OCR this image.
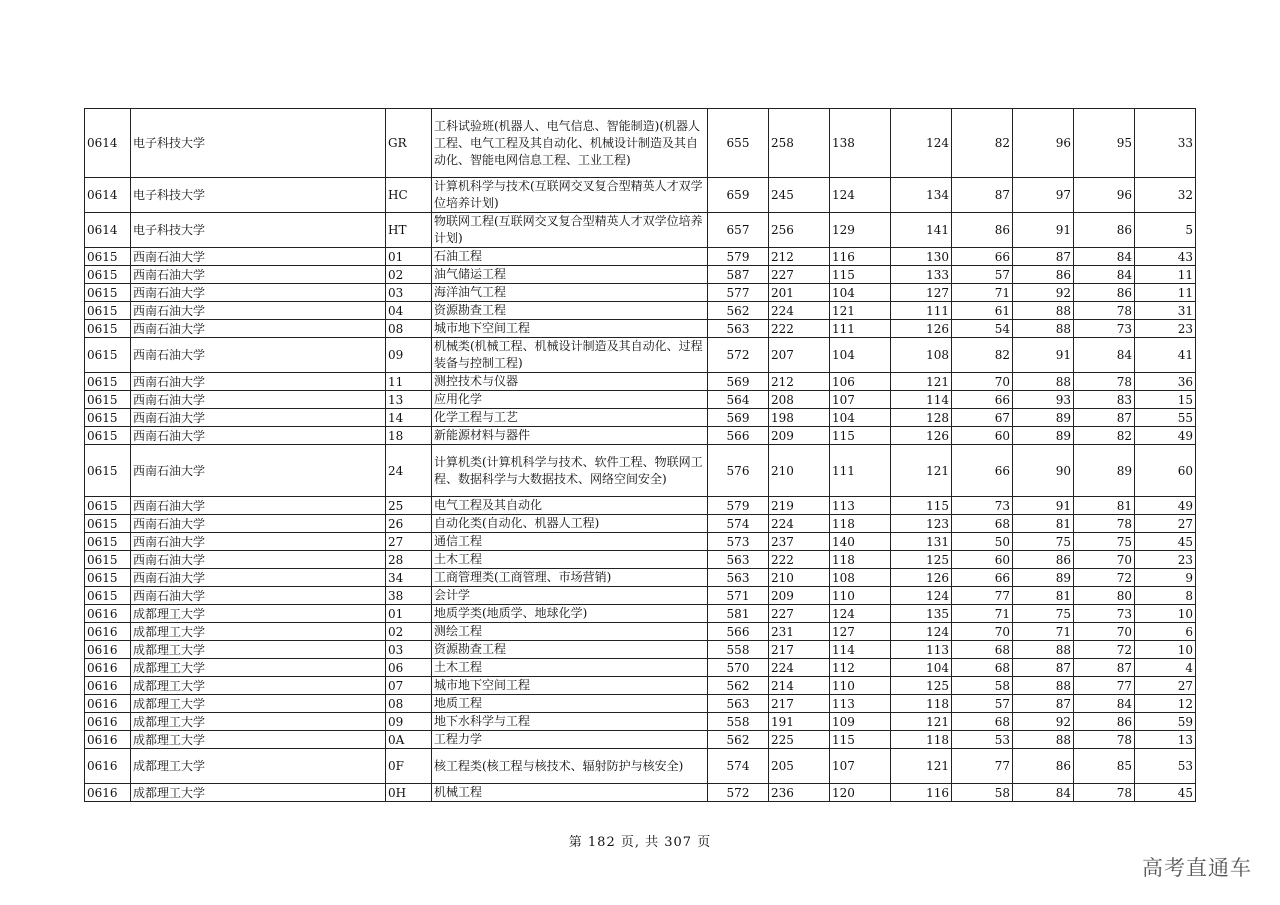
0614	电子科技大学	GR	工科试验班(机器人、电气信息、智能制造)(机器人工程、电气工程及其自动化、机械设计制造及其自动化、智能电网信息工程、工业工程)	655	258	138	124	82	96	95	33
0614	电子科技大学	HC	计算机科学与技术(互联网交叉复合型精英人才双学位培养计划)	659	245	124	134	87	97	96	32
0614	电子科技大学	HT	物联网工程(互联网交叉复合型精英人才双学位培养计划)	657	256	129	141	86	91	86	5
0615	西南石油大学	01	石油工程	579	212	116	130	66	87	84	43
0615	西南石油大学	02	油气储运工程	587	227	115	133	57	86	84	11
0615	西南石油大学	03	海洋油气工程	577	201	104	127	71	92	86	11
0615	西南石油大学	04	资源勘查工程	562	224	121	111	61	88	78	31
0615	西南石油大学	08	城市地下空间工程	563	222	111	126	54	88	73	23
0615	西南石油大学	09	机械类(机械工程、机械设计制造及其自动化、过程装备与控制工程)	572	207	104	108	82	91	84	41
0615	西南石油大学	11	测控技术与仪器	569	212	106	121	70	88	78	36
0615	西南石油大学	13	应用化学	564	208	107	114	66	93	83	15
0615	西南石油大学	14	化学工程与工艺	569	198	104	128	67	89	87	55
0615	西南石油大学	18	新能源材料与器件	566	209	115	126	60	89	82	49
0615	西南石油大学	24	计算机类(计算机科学与技术、软件工程、物联网工程、数据科学与大数据技术、网络空间安全)	576	210	111	121	66	90	89	60
0615	西南石油大学	25	电气工程及其自动化	579	219	113	115	73	91	81	49
0615	西南石油大学	26	自动化类(自动化、机器人工程)	574	224	118	123	68	81	78	27
0615	西南石油大学	27	通信工程	573	237	140	131	50	75	75	45
0615	西南石油大学	28	土木工程	563	222	118	125	60	86	70	23
0615	西南石油大学	34	工商管理类(工商管理、市场营销)	563	210	108	126	66	89	72	9
0615	西南石油大学	38	会计学	571	209	110	124	77	81	80	8
0616	成都理工大学	01	地质学类(地质学、地球化学)	581	227	124	135	71	75	73	10
0616	成都理工大学	02	测绘工程	566	231	127	124	70	71	70	6
0616	成都理工大学	03	资源勘查工程	558	217	114	113	68	88	72	10
0616	成都理工大学	06	土木工程	570	224	112	104	68	87	87	4
0616	成都理工大学	07	城市地下空间工程	562	214	110	125	58	88	77	27
0616	成都理工大学	08	地质工程	563	217	113	118	57	87	84	12
0616	成都理工大学	09	地下水科学与工程	558	191	109	121	68	92	86	59
0616	成都理工大学	0A	工程力学	562	225	115	118	53	88	78	13
0616	成都理工大学	0F	核工程类(核工程与核技术、辐射防护与核安全)	574	205	107	121	77	86	85	53
0616	成都理工大学	0H	机械工程	572	236	120	116	58	84	78	45
第 182 页, 共 307 页
高考直通车
